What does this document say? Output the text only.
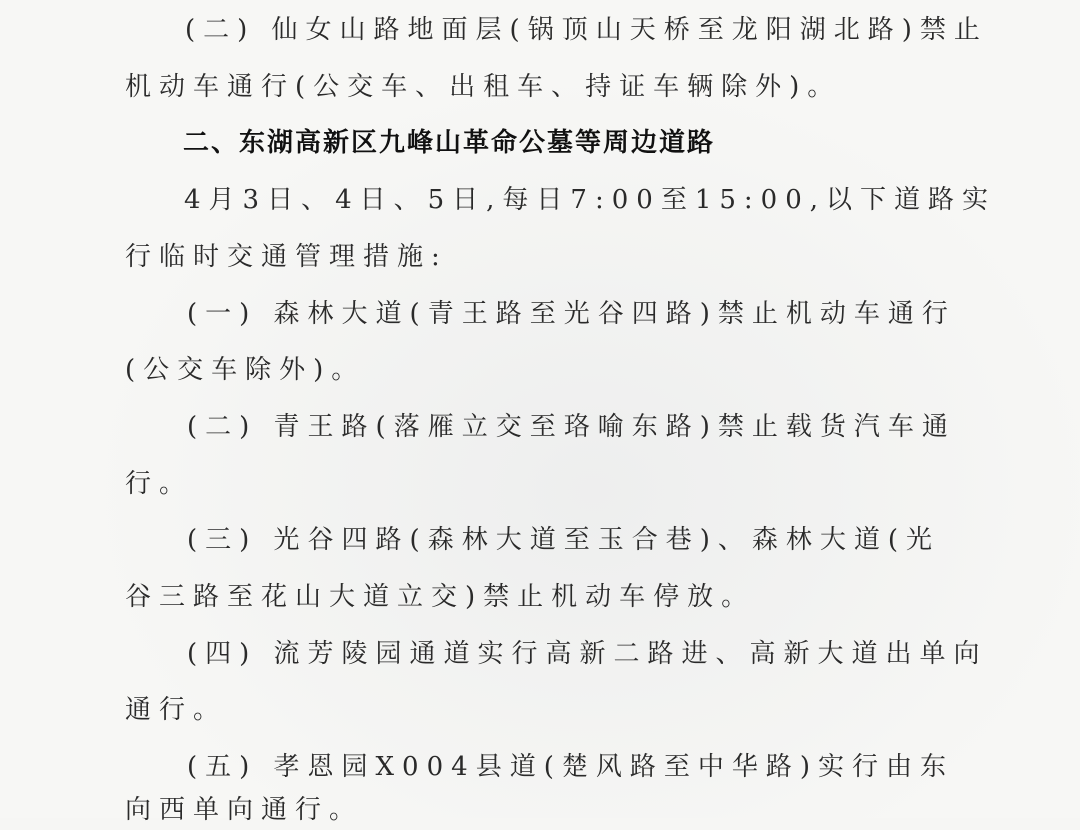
(二) 仙女山路地面层(锅顶山天桥至龙阳湖北路)禁止
机动车通行(公交车、出租车、持证车辆除外)。
二、东湖高新区九峰山革命公墓等周边道路
4月3日、4日、5日,每日7:00至15:00,以下道路实
行临时交通管理措施:
(一) 森林大道(青王路至光谷四路)禁止机动车通行
(公交车除外)。
(二) 青王路(落雁立交至珞喻东路)禁止载货汽车通
行。
(三) 光谷四路(森林大道至玉合巷)、森林大道(光
谷三路至花山大道立交)禁止机动车停放。
(四) 流芳陵园通道实行高新二路进、高新大道出单向
通行。
(五) 孝恩园X004县道(楚风路至中华路)实行由东
向西单向通行。
